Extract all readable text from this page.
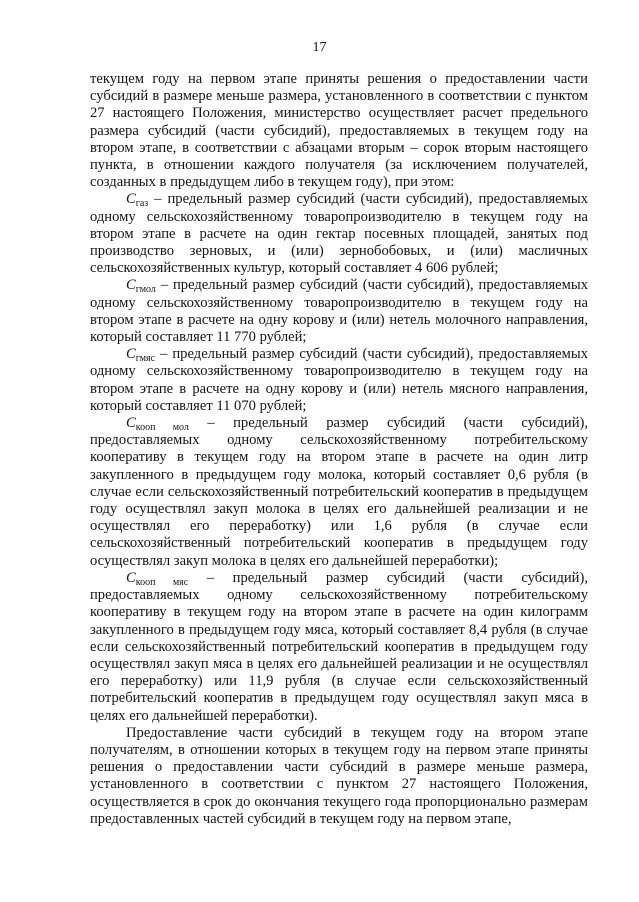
17

текущем году на первом этапе приняты решения о предоставлении части субсидий в размере меньше размера, установленного в соответствии с пунктом 27 настоящего Положения, министерство осуществляет расчет предельного размера субсидий (части субсидий), предоставляемых в текущем году на втором этапе, в соответствии с абзацами вторым – сорок вторым настоящего пункта, в отношении каждого получателя (за исключением получателей, созданных в предыдущем либо в текущем году), при этом:

$C_{газ}$ – предельный размер субсидий (части субсидий), предоставляемых одному сельскохозяйственному товаропроизводителю в текущем году на втором этапе в расчете на один гектар посевных площадей, занятых под производство зерновых, и (или) зернобобовых, и (или) масличных сельскохозяйственных культур, который составляет 4 606 рублей;

$C_{гмол}$ – предельный размер субсидий (части субсидий), предоставляемых одному сельскохозяйственному товаропроизводителю в текущем году на втором этапе в расчете на одну корову и (или) нетель молочного направления, который составляет 11 770 рублей;

$C_{гмяс}$ – предельный размер субсидий (части субсидий), предоставляемых одному сельскохозяйственному товаропроизводителю в текущем году на втором этапе в расчете на одну корову и (или) нетель мясного направления, который составляет 11 070 рублей;

$C_{кооп мол}$ – предельный размер субсидий (части субсидий), предоставляемых одному сельскохозяйственному потребительскому кооперативу в текущем году на втором этапе в расчете на один литр закупленного в предыдущем году молока, который составляет 0,6 рубля (в случае если сельскохозяйственный потребительский кооператив в предыдущем году осуществлял закуп молока в целях его дальнейшей реализации и не осуществлял его переработку) или 1,6 рубля (в случае если сельскохозяйственный потребительский кооператив в предыдущем году осуществлял закуп молока в целях его дальнейшей переработки);

$C_{кооп мяс}$ – предельный размер субсидий (части субсидий), предоставляемых одному сельскохозяйственному потребительскому кооперативу в текущем году на втором этапе в расчете на один килограмм закупленного в предыдущем году мяса, который составляет 8,4 рубля (в случае если сельскохозяйственный потребительский кооператив в предыдущем году осуществлял закуп мяса в целях его дальнейшей реализации и не осуществлял его переработку) или 11,9 рубля (в случае если сельскохозяйственный потребительский кооператив в предыдущем году осуществлял закуп мяса в целях его дальнейшей переработки).

Предоставление части субсидий в текущем году на втором этапе получателям, в отношении которых в текущем году на первом этапе приняты решения о предоставлении части субсидий в размере меньше размера, установленного в соответствии с пунктом 27 настоящего Положения, осуществляется в срок до окончания текущего года пропорционально размерам предоставленных частей субсидий в текущем году на первом этапе,
